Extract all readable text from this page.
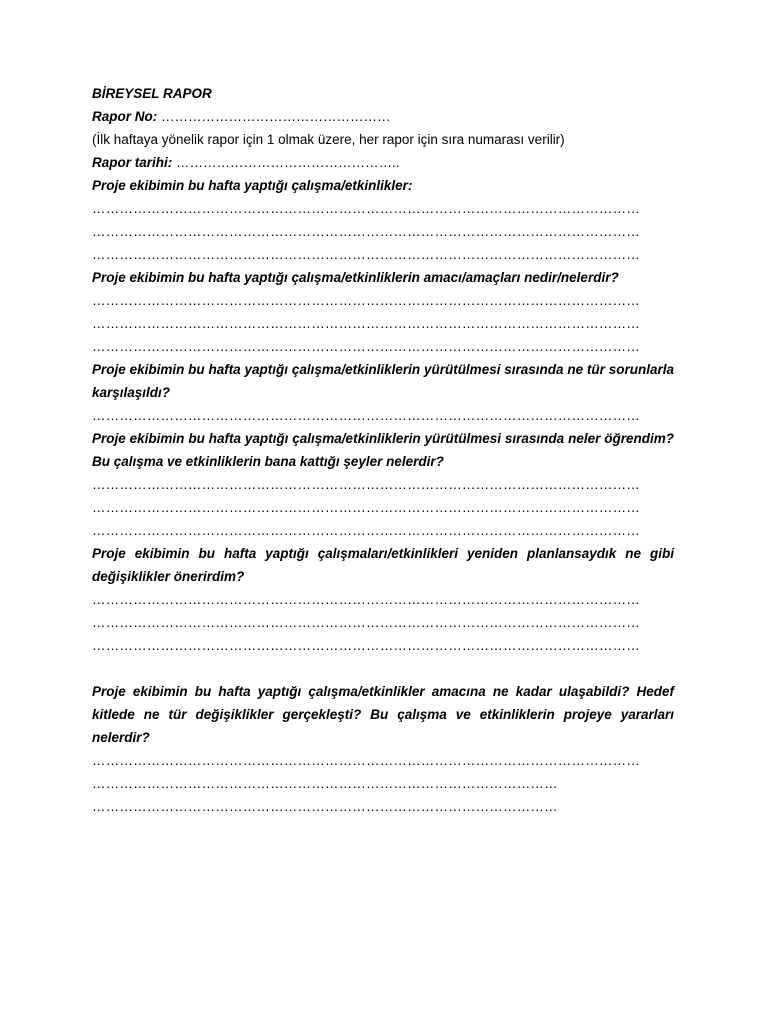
BİREYSEL RAPOR
Rapor No: ……………………………………………
(İlk haftaya yönelik rapor için 1 olmak üzere, her rapor için sıra numarası verilir)
Rapor tarihi: …………………………………………..
Proje ekibimin bu hafta yaptığı çalışma/etkinlikler:
…………………………………………………………………………………………………………
…………………………………………………………………………………………………………
…………………………………………………………………………………………………………
Proje ekibimin bu hafta yaptığı çalışma/etkinliklerin amacı/amaçları nedir/nelerdir?
…………………………………………………………………………………………………………
…………………………………………………………………………………………………………
…………………………………………………………………………………………………………
Proje ekibimin bu hafta yaptığı çalışma/etkinliklerin yürütülmesi sırasında ne tür sorunlarla karşılaşıldı?
…………………………………………………………………………………………………………
Proje ekibimin bu hafta yaptığı çalışma/etkinliklerin yürütülmesi sırasında neler öğrendim? Bu çalışma ve etkinliklerin bana kattığı şeyler nelerdir?
…………………………………………………………………………………………………………
…………………………………………………………………………………………………………
…………………………………………………………………………………………………………
Proje ekibimin bu hafta yaptığı çalışmaları/etkinlikleri yeniden planlansaydık ne gibi değişiklikler önerirdim?
…………………………………………………………………………………………………………
…………………………………………………………………………………………………………
…………………………………………………………………………………………………………
Proje ekibimin bu hafta yaptığı çalışma/etkinlikler amacına ne kadar ulaşabildi? Hedef kitlede ne tür değişiklikler gerçekleşti? Bu çalışma ve etkinliklerin projeye yararları nelerdir?
…………………………………………………………………………………………………………
…………………………………………………………………………………………
…………………………………………………………………………………………
